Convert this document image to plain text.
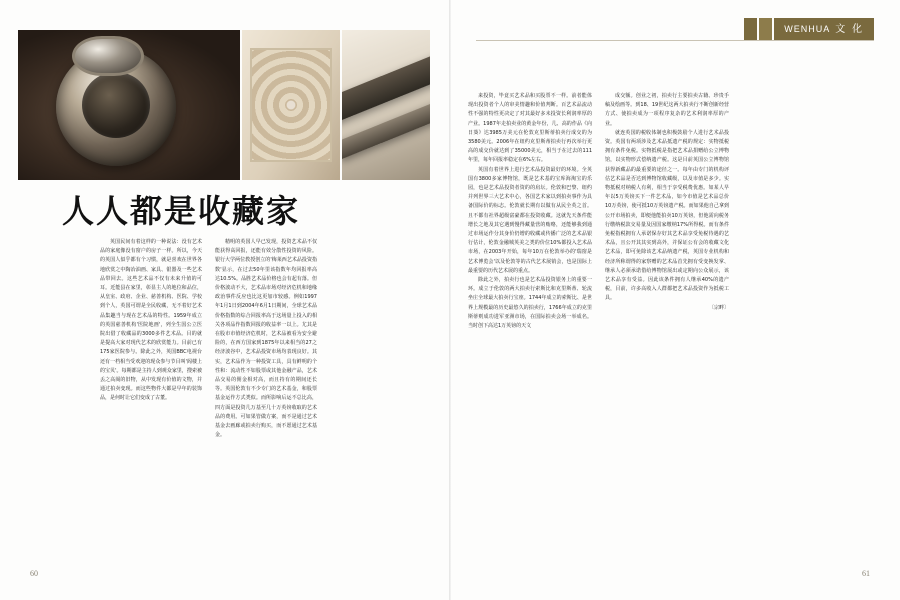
人人都是收藏家

英国民间有着这样的一种说法：没有艺术品的家庭像没有窗户的房子一样。所以，今天的英国人似乎都有个习惯，就是喜欢在世界各地欣赏之中陶冶油画、家具、银器及一些艺术品带回去。这些艺术品不仅有未来升值的可耳。近能县在家里，彰显主人的地位和品位，从皇室、政府、企业、慈善机构、医院、学校到个人，英国可谓是全民收藏，无不着好艺术品集趣当与现在艺术品的特性。1959年成立的英国慈善机构'医院地画'，列全生国公立医院出借了收藏品的3000多件艺术品。目的就是提高大家对现代艺术的欣赏能力。目前已有175家医院参与。除此之外，英国BBC电视台还有一档相当受欢迎的现众参与节目叫'阁楼上的宝贝'。每期都是主持人到观众家里，搜索被丢之高阁的旧物，从中发现有价值的文物，并通过拍卖变现。而这些物件大都是早年的装饰品，是何时让它们变成了古董。

精明的英国人早已发现，投资艺术品不仅能获得高回报，还能有效分散性投资的风险。银行大学两位教授创立的'梅莱西艺术品投资指数'显示，在过去50年里该指数年均回报率高达10.5%。品胜艺术品价格也会有起有落。但价格波动不大，艺术品市场对经济危机和地缘政治事件反应也比这更加市较感。例如1997年1月1日到2004年6月1日期间，全球艺术品价格指数的综合回报率高于这场量上投入的相关各项品作指数回报的收益率一以上。尤其是在股市市值经济危机时，艺术品被看为安全避险的，在西方国家到1875年以来相当的27之经济波谷中，艺术品投资市场均表现良好。其实，艺术品作为一种投资工具，具有鲜明的个性和：流动性不如股票或其他金融产品，艺术品交易的佣金相对高，而且持有的期间还长等。英国伦敦有不少专门的艺术基金，和股票基金运作方式类似。而所影响后运不总比高，四方面是投资几万基至几十万英镑收取的艺术品的费用。可如果管做方案，而不是通过艺术基金去画廊或拍卖行购买，而不愿通过艺术基金。

60
WENHUA 文 化

来投资，毕竟买艺术品和买股票不一样。前者能体现出投资者个人的审美情趣和价值判断。百艺术品流动性不强的特性更决定了对其最好多未投资长利润率厚的产业。1987年走拍卖业的黄金年份，几、高的作品《向日葵》达3985万美元在伦敦克里斯蒂拍卖行成交的为3580美元。2006年在纽约克里斯蒂拍卖行再次举行更高的成交价就达到了35000美元，相当于在过去的111年里，每年回报率稳定在6%左右。

英国有着世界上进行艺术品投资最好的环境。全英国有3800多家博物馆，既是艺术基的宝库海淘宝的乐园，也是艺术品投资者资的的肩坛。伦敦和巴黎、纽约并列世界三大艺术中心，各国艺术家以到拍卖事作为具备国际价的标志。伦敦就长期有以做有从民全英之首。且不都有社界超级富豪都在投资收藏。这就先天条件能增长之地及其它遇到慢得藏量营的贿赂，还能够我到通过市场运作分其身价仍增的收藏或传播广泛的艺术品银行估计，伦敦金融城英美之类的价位10%都投入艺术品市场，在2003年开始，每年10万在伦敦举办的'瑞窗是艺术博览会'以及伦敦等的古代艺术展销会，也是国际上最重要的历代艺术展的重点。

除此之外，拍卖行也是艺术品投资银务上的重要一环。成立于伦敦的两大拍卖行索斯比和克里斯蒂、轮流坐庄全球最大拍卖行宝座。1744年成立的索斯比、是世界上规模最的历史最悠久的拍卖行，1766年成立的克里斯蒂则成功进军亚洲市场，在国际拍卖会场一举成名。当时创下高达1万英镑的天文

成交额。创业之初，拍卖行主要拍卖古籍、珍贵手稿及绘画等。到18、19世纪这两大拍卖行不断创新经营方式、使拍卖成为一项程序复杂的艺术利润率厚的产业。

就连英国的税收体制也积极鼓励个人进行艺术品投资。英国有两项涉及艺术品抵遗产税的规定：实物抵税拥有条件免税。实物抵税是指把艺术品捐赠给公立博物馆，以实物形式偿纳遗产税。这是目前英国公立博物馆获得新藏品的最重要的途径之一。每年由专门的机构评估艺术品是否达到博物馆收藏级，以及市值是多少。实物抵税对纳税人有利，相当于享受税费优惠。如某人早年以5万英镑买下一件艺术品，如今市值是艺术品总价10万英镑，使可抵10万英镑遗产税。而如果他自己拿到公开市场拍卖，即便他能拍卖10万英镑，但他需向税务行缴纳税款交易量及因国家缴纳17%所得税。而有条件免税指税拥有人承诺保存好其艺术品享受免税待遇的艺术品，且公开其其实到高外，并保证公有会的收藏文化艺术品，即可免除该艺术品纳遗产税，英国专业机构和经济所称谓得的家察赠的艺术品首先拥有受变换发掌、继承人必须承诺借给博物馆展出或定期向公众展示，该艺术品享有受益。因此该条件拥有人继承40%的遗产税，目前，许多高收入人群都把艺术品投资作为抵税工具。

〔宗畔〕

61
